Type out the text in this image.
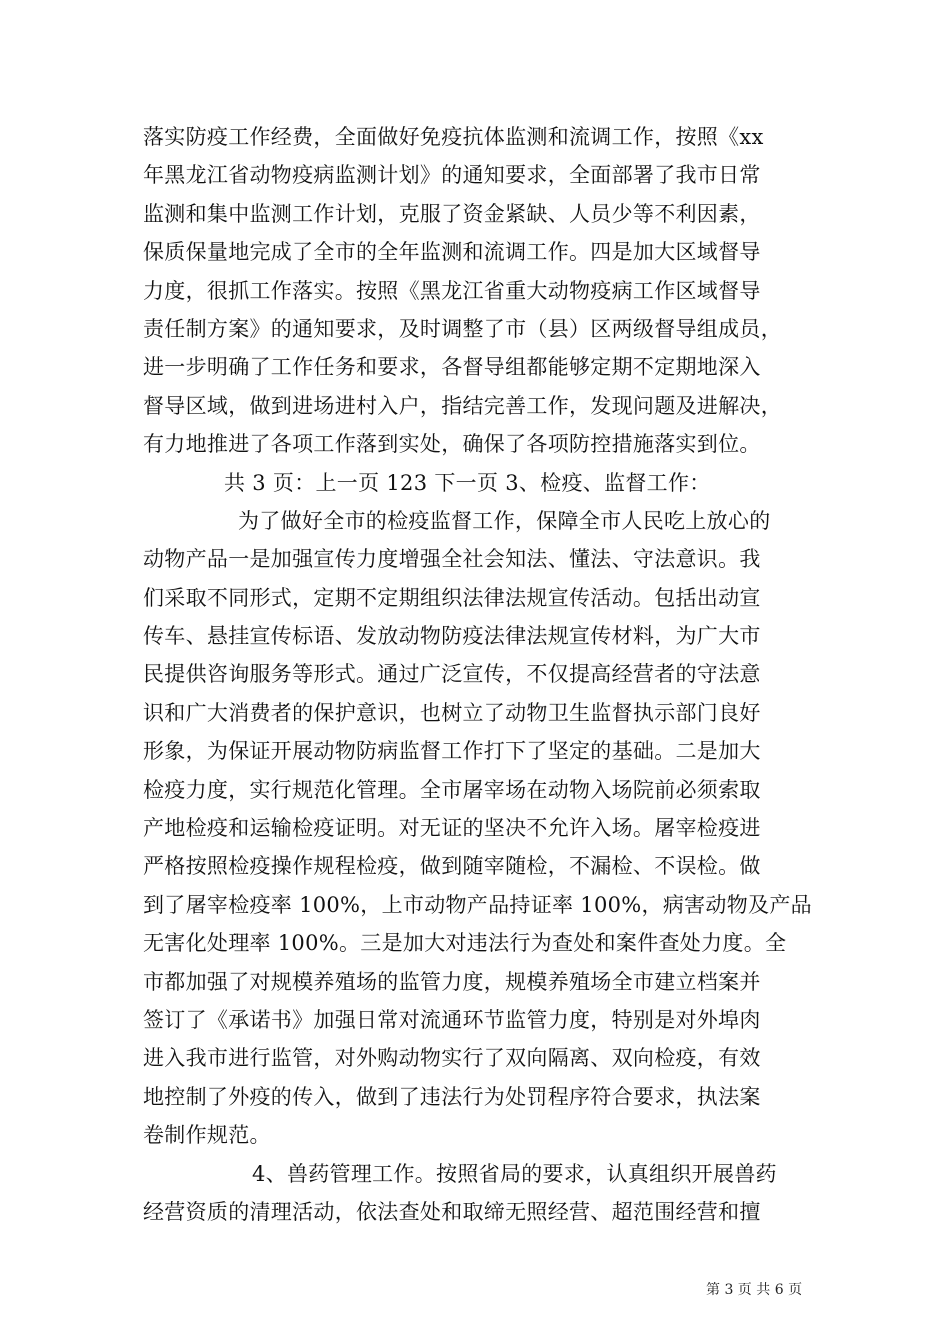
落实防疫工作经费，全面做好免疫抗体监测和流调工作，按照《xx
年黑龙江省动物疫病监测计划》的通知要求，全面部署了我市日常
监测和集中监测工作计划，克服了资金紧缺、人员少等不利因素，
保质保量地完成了全市的全年监测和流调工作。四是加大区域督导
力度，很抓工作落实。按照《黑龙江省重大动物疫病工作区域督导
责任制方案》的通知要求，及时调整了市（县）区两级督导组成员，
进一步明确了工作任务和要求，各督导组都能够定期不定期地深入
督导区域，做到进场进村入户，指结完善工作，发现问题及进解决，
有力地推进了各项工作落到实处，确保了各项防控措施落实到位。
共 3 页：上一页 123 下一页 3、检疫、监督工作：
为了做好全市的检疫监督工作，保障全市人民吃上放心的
动物产品一是加强宣传力度增强全社会知法、懂法、守法意识。我
们采取不同形式，定期不定期组织法律法规宣传活动。包括出动宣
传车、悬挂宣传标语、发放动物防疫法律法规宣传材料，为广大市
民提供咨询服务等形式。通过广泛宣传，不仅提高经营者的守法意
识和广大消费者的保护意识，也树立了动物卫生监督执示部门良好
形象，为保证开展动物防病监督工作打下了坚定的基础。二是加大
检疫力度，实行规范化管理。全市屠宰场在动物入场院前必须索取
产地检疫和运输检疫证明。对无证的坚决不允许入场。屠宰检疫进
严格按照检疫操作规程检疫，做到随宰随检，不漏检、不误检。做
到了屠宰检疫率 100%，上市动物产品持证率 100%，病害动物及产品
无害化处理率 100%。三是加大对违法行为查处和案件查处力度。全
市都加强了对规模养殖场的监管力度，规模养殖场全市建立档案并
签订了《承诺书》加强日常对流通环节监管力度，特别是对外埠肉
进入我市进行监管，对外购动物实行了双向隔离、双向检疫，有效
地控制了外疫的传入，做到了违法行为处罚程序符合要求，执法案
卷制作规范。
4、兽药管理工作。按照省局的要求，认真组织开展兽药
经营资质的清理活动，依法查处和取缔无照经营、超范围经营和擅
第 3 页 共 6 页
